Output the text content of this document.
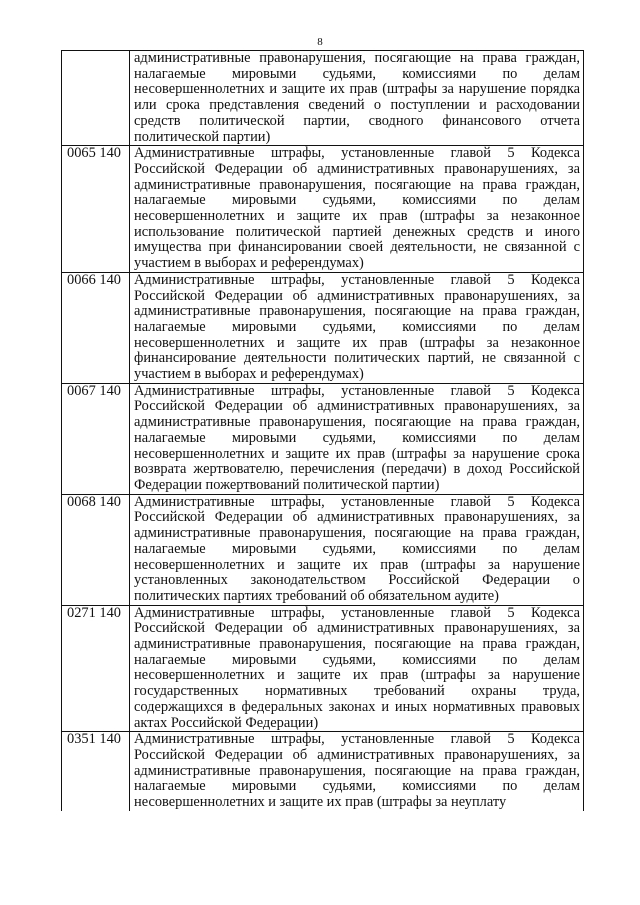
8
	административные правонарушения, посягающие на права граждан, налагаемые мировыми судьями, комиссиями по делам несовершеннолетних и защите их прав (штрафы за нарушение порядка или срока представления сведений о поступлении и расходовании средств политической партии, сводного финансового отчета политической партии)
0065 140	Административные штрафы, установленные главой 5 Кодекса Российской Федерации об административных правонарушениях, за административные правонарушения, посягающие на права граждан, налагаемые мировыми судьями, комиссиями по делам несовершеннолетних и защите их прав (штрафы за незаконное использование политической партией денежных средств и иного имущества при финансировании своей деятельности, не связанной с участием в выборах и референдумах)
0066 140	Административные штрафы, установленные главой 5 Кодекса Российской Федерации об административных правонарушениях, за административные правонарушения, посягающие на права граждан, налагаемые мировыми судьями, комиссиями по делам несовершеннолетних и защите их прав (штрафы за незаконное финансирование деятельности политических партий, не связанной с участием в выборах и референдумах)
0067 140	Административные штрафы, установленные главой 5 Кодекса Российской Федерации об административных правонарушениях, за административные правонарушения, посягающие на права граждан, налагаемые мировыми судьями, комиссиями по делам несовершеннолетних и защите их прав (штрафы за нарушение срока возврата жертвователю, перечисления (передачи) в доход Российской Федерации пожертвований политической партии)
0068 140	Административные штрафы, установленные главой 5 Кодекса Российской Федерации об административных правонарушениях, за административные правонарушения, посягающие на права граждан, налагаемые мировыми судьями, комиссиями по делам несовершеннолетних и защите их прав (штрафы за нарушение установленных законодательством Российской Федерации о политических партиях требований об обязательном аудите)
0271 140	Административные штрафы, установленные главой 5 Кодекса Российской Федерации об административных правонарушениях, за административные правонарушения, посягающие на права граждан, налагаемые мировыми судьями, комиссиями по делам несовершеннолетних и защите их прав (штрафы за нарушение государственных нормативных требований охраны труда, содержащихся в федеральных законах и иных нормативных правовых актах Российской Федерации)
0351 140	Административные штрафы, установленные главой 5 Кодекса Российской Федерации об административных правонарушениях, за административные правонарушения, посягающие на права граждан, налагаемые мировыми судьями, комиссиями по делам несовершеннолетних и защите их прав (штрафы за неуплату
